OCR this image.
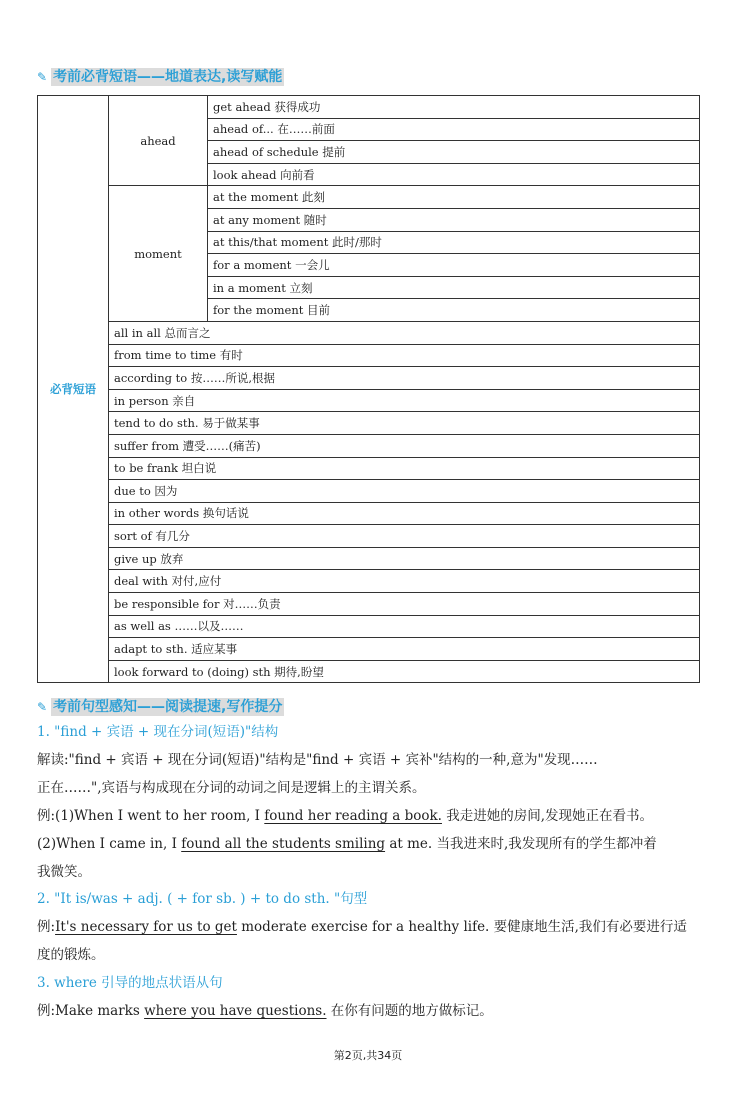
✎ 考前必背短语——地道表达,读写赋能
必背短语	ahead	get ahead 获得成功
		ahead of... 在……前面
		ahead of schedule 提前
		look ahead 向前看
	moment	at the moment 此刻
		at any moment 随时
		at this/that moment 此时/那时
		for a moment 一会儿
		in a moment 立刻
		for the moment 目前
	all in all 总而言之	
	from time to time 有时	
	according to 按……所说,根据	
	in person 亲自	
	tend to do sth. 易于做某事	
	suffer from 遭受……(痛苦)	
	to be frank 坦白说	
	due to 因为	
	in other words 换句话说	
	sort of 有几分	
	give up 放弃	
	deal with 对付,应付	
	be responsible for 对……负责	
	as well as ……以及……	
	adapt to sth. 适应某事	
	look forward to (doing) sth 期待,盼望	
✎ 考前句型感知——阅读提速,写作提分
1. "find + 宾语 + 现在分词(短语)"结构
解读:"find + 宾语 + 现在分词(短语)"结构是"find + 宾语 + 宾补"结构的一种,意为"发现……
正在……",宾语与构成现在分词的动词之间是逻辑上的主谓关系。
例:(1)When I went to her room, I found her reading a book. 我走进她的房间,发现她正在看书。
(2)When I came in, I found all the students smiling at me. 当我进来时,我发现所有的学生都冲着
我微笑。
2. "It is/was + adj. ( + for sb. ) + to do sth. "句型
例:It's necessary for us to get moderate exercise for a healthy life. 要健康地生活,我们有必要进行适
度的锻炼。
3. where 引导的地点状语从句
例:Make marks where you have questions. 在你有问题的地方做标记。
第2页,共34页
